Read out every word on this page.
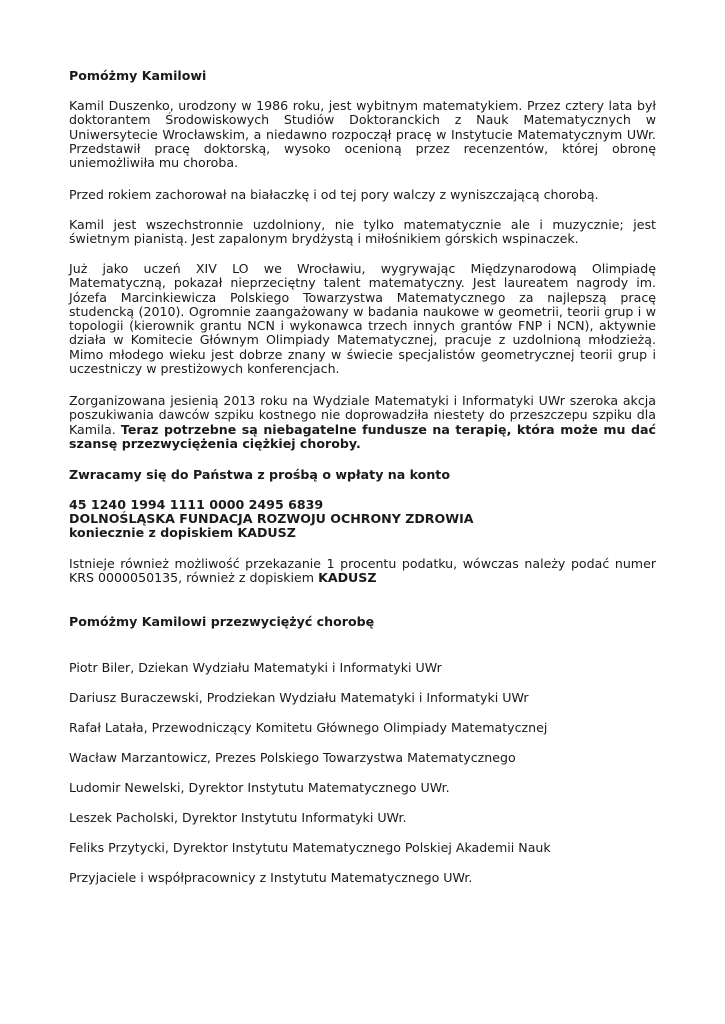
Pomóżmy Kamilowi

Kamil Duszenko, urodzony w 1986 roku, jest wybitnym matematykiem. Przez cztery lata był doktorantem Środowiskowych Studiów Doktoranckich z Nauk Matematycznych w Uniwersytecie Wrocławskim, a niedawno rozpoczął pracę w Instytucie Matematycznym UWr. Przedstawił pracę doktorską, wysoko ocenioną przez recenzentów, której obronę uniemożliwiła mu choroba.

Przed rokiem zachorował na białaczkę i od tej pory walczy z wyniszczającą chorobą.

Kamil jest wszechstronnie uzdolniony, nie tylko matematycznie ale i muzycznie; jest świetnym pianistą. Jest zapalonym brydżystą i miłośnikiem górskich wspinaczek.

Już jako uczeń XIV LO we Wrocławiu, wygrywając Międzynarodową Olimpiadę Matematyczną, pokazał nieprzeciętny talent matematyczny. Jest laureatem nagrody im. Józefa Marcinkiewicza Polskiego Towarzystwa Matematycznego za najlepszą pracę studencką (2010). Ogromnie zaangażowany w badania naukowe w geometrii, teorii grup i w topologii (kierownik grantu NCN i wykonawca trzech innych grantów FNP i NCN), aktywnie działa w Komitecie Głównym Olimpiady Matematycznej, pracuje z uzdolnioną młodzieżą. Mimo młodego wieku jest dobrze znany w świecie specjalistów geometrycznej teorii grup i uczestniczy w prestiżowych konferencjach.

Zorganizowana jesienią 2013 roku na Wydziale Matematyki i Informatyki UWr szeroka akcja poszukiwania dawców szpiku kostnego nie doprowadziła niestety do przeszczepu szpiku dla Kamila. Teraz potrzebne są niebagatelne fundusze na terapię, która może mu dać szansę przezwyciężenia ciężkiej choroby.

Zwracamy się do Państwa z prośbą o wpłaty na konto

45 1240 1994 1111 0000 2495 6839

DOLNOŚLĄSKA FUNDACJA ROZWOJU OCHRONY ZDROWIA

koniecznie z dopiskiem KADUSZ

Istnieje również możliwość przekazanie 1 procentu podatku, wówczas należy podać numer KRS 0000050135, również z dopiskiem KADUSZ

Pomóżmy Kamilowi przezwyciężyć chorobę

Piotr Biler, Dziekan Wydziału Matematyki i Informatyki UWr

Dariusz Buraczewski, Prodziekan Wydziału Matematyki i Informatyki UWr

Rafał Latała, Przewodniczący Komitetu Głównego Olimpiady Matematycznej

Wacław Marzantowicz, Prezes Polskiego Towarzystwa Matematycznego

Ludomir Newelski, Dyrektor Instytutu Matematycznego UWr.

Leszek Pacholski, Dyrektor Instytutu Informatyki UWr.

Feliks Przytycki, Dyrektor Instytutu Matematycznego Polskiej Akademii Nauk

Przyjaciele i współpracownicy z Instytutu Matematycznego UWr.
